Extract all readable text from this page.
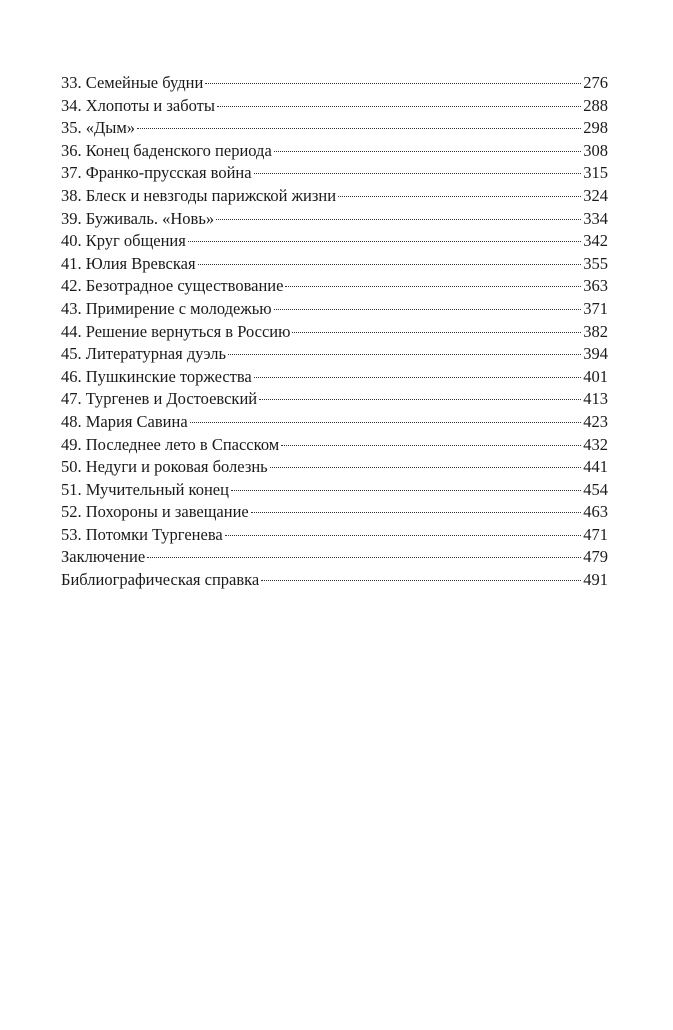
33. Семейные будни	276
34. Хлопоты и заботы	288
35. «Дым»	298
36. Конец баденского периода	308
37. Франко-прусская война	315
38. Блеск и невзгоды парижской жизни	324
39. Буживаль. «Новь»	334
40. Круг общения	342
41. Юлия Вревская	355
42. Безотрадное существование	363
43. Примирение с молодежью	371
44. Решение вернуться в Россию	382
45. Литературная дуэль	394
46. Пушкинские торжества	401
47. Тургенев и Достоевский	413
48. Мария Савина	423
49. Последнее лето в Спасском	432
50. Недуги и роковая болезнь	441
51. Мучительный конец	454
52. Похороны и завещание	463
53. Потомки Тургенева	471
Заключение	479
Библиографическая справка	491
